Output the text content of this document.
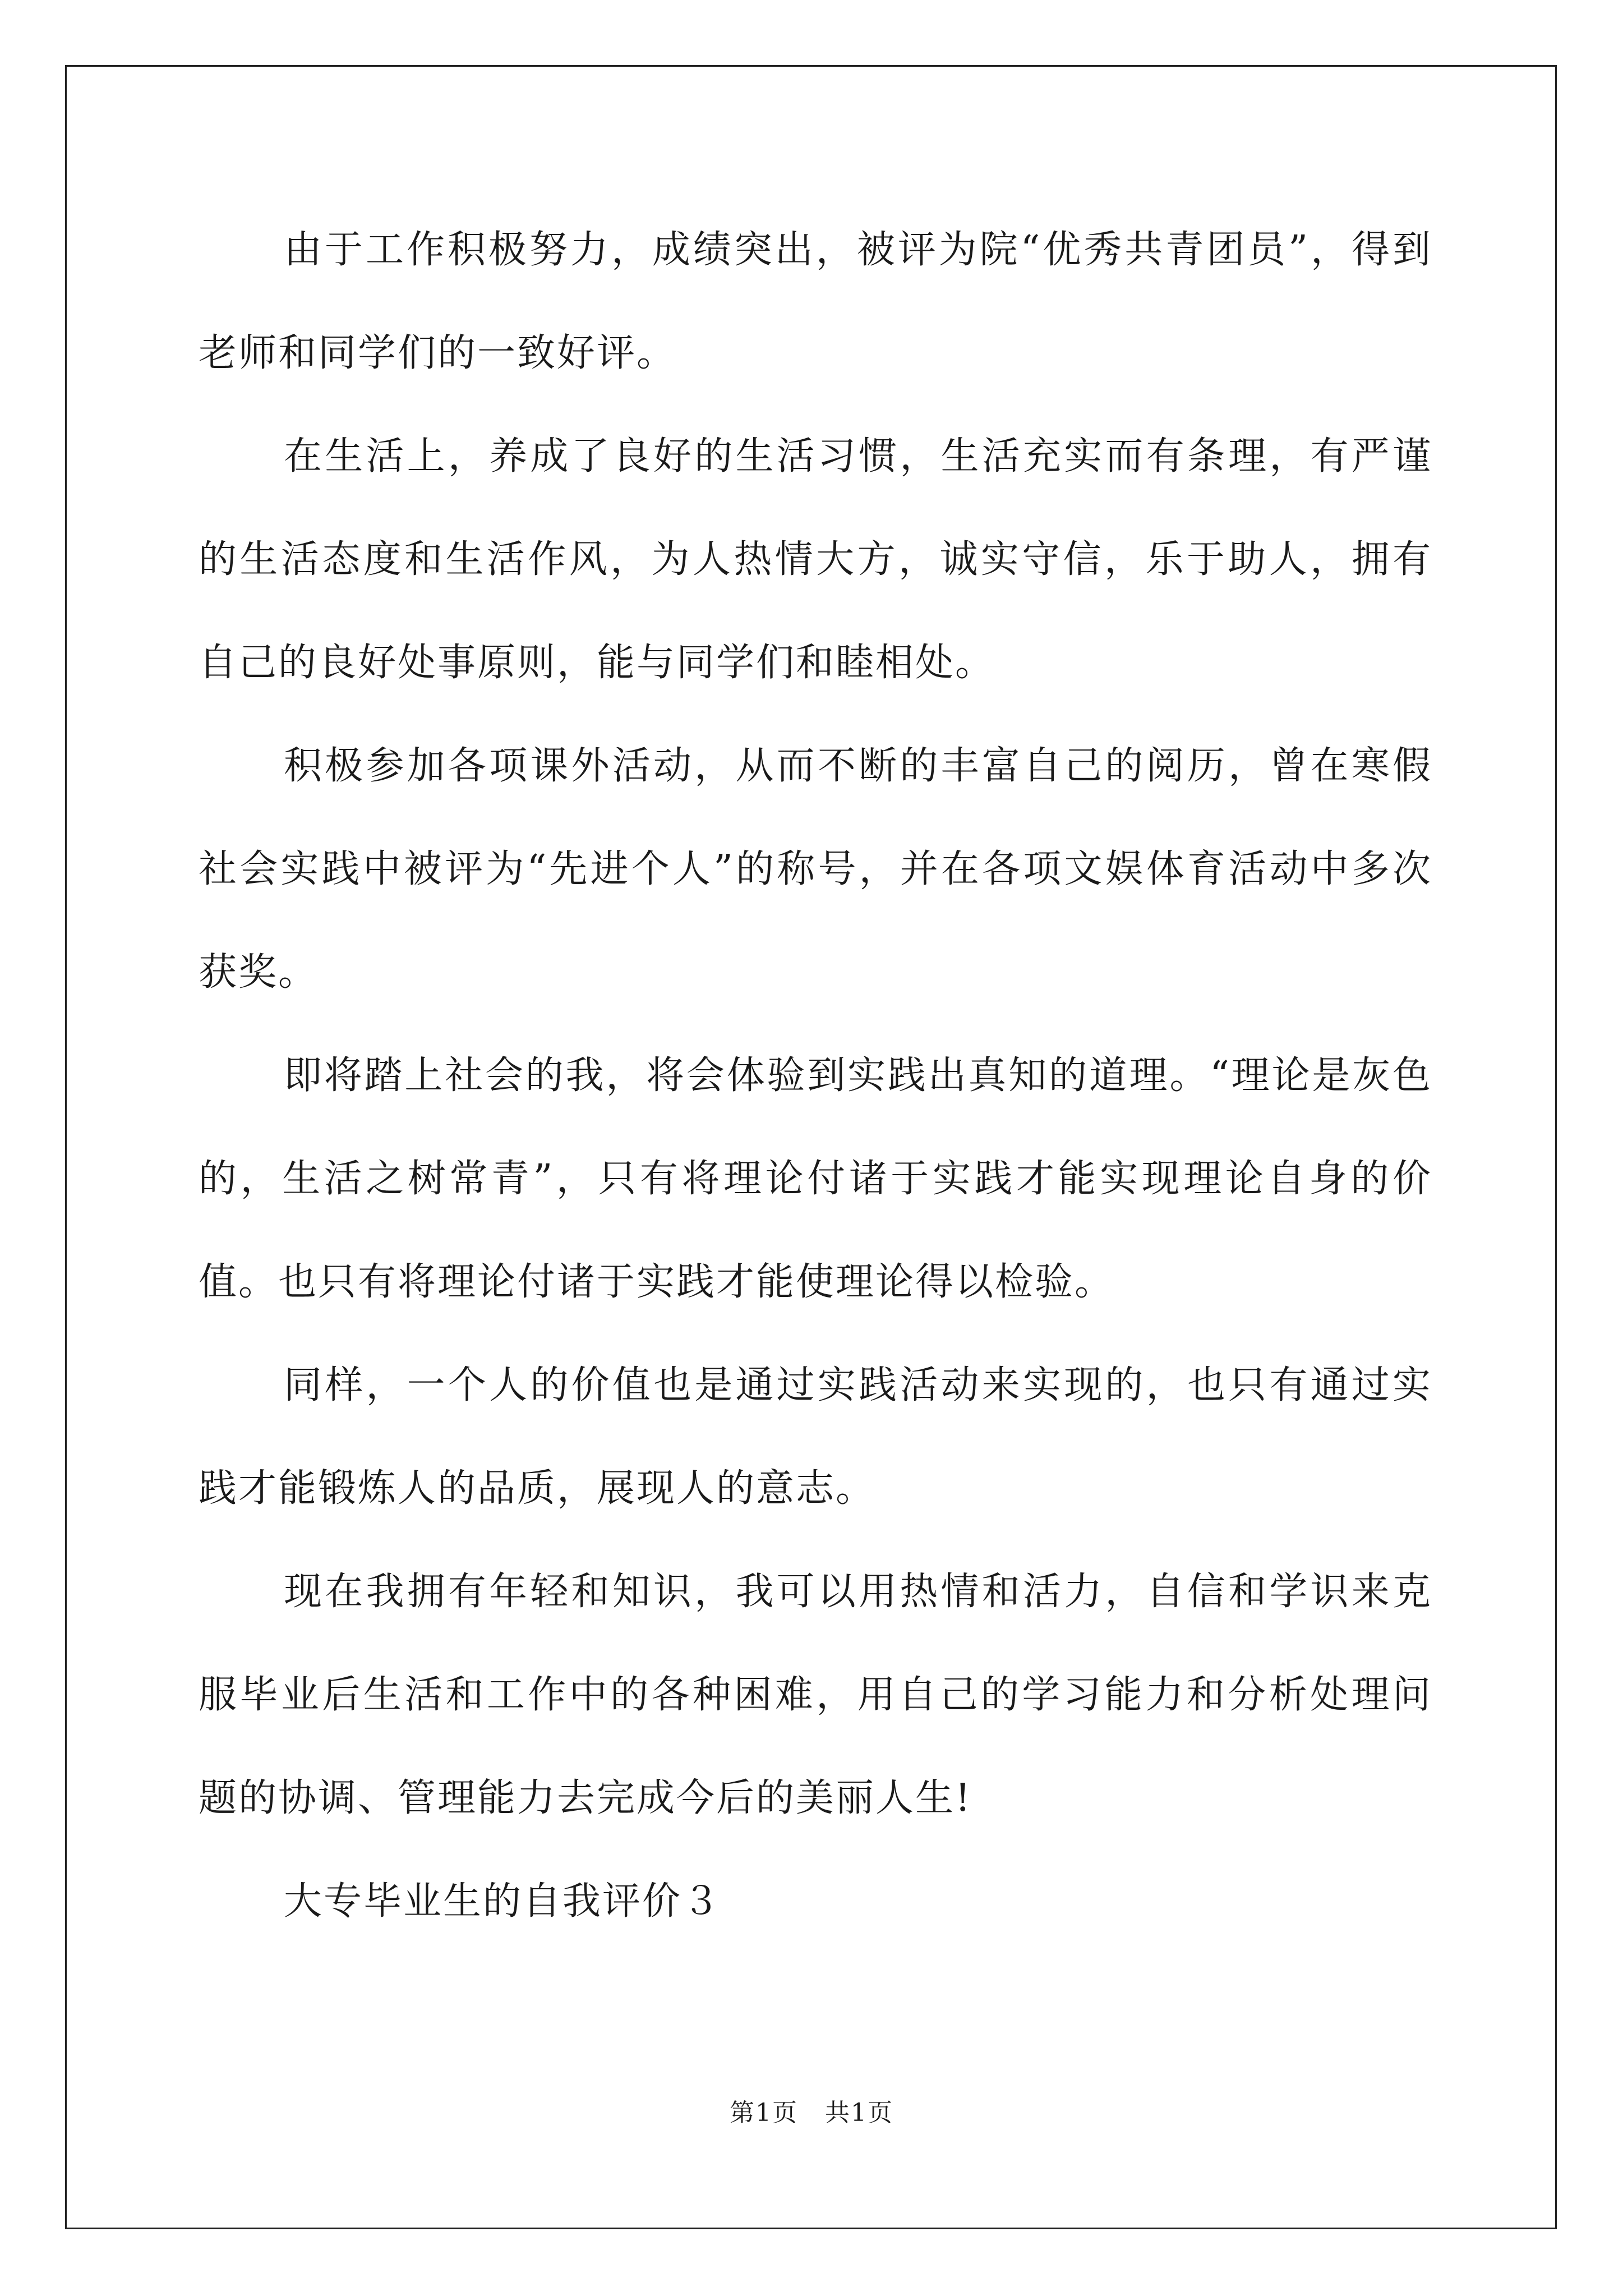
由于工作积极努力，成绩突出，被评为院“优秀共青团员”，得到老师和同学们的一致好评。

在生活上，养成了良好的生活习惯，生活充实而有条理，有严谨的生活态度和生活作风，为人热情大方，诚实守信，乐于助人，拥有自己的良好处事原则，能与同学们和睦相处。

积极参加各项课外活动，从而不断的丰富自己的阅历，曾在寒假社会实践中被评为“先进个人”的称号，并在各项文娱体育活动中多次获奖。

即将踏上社会的我，将会体验到实践出真知的道理。“理论是灰色的，生活之树常青”，只有将理论付诸于实践才能实现理论自身的价值。也只有将理论付诸于实践才能使理论得以检验。

同样，一个人的价值也是通过实践活动来实现的，也只有通过实践才能锻炼人的品质，展现人的意志。

现在我拥有年轻和知识，我可以用热情和活力，自信和学识来克服毕业后生活和工作中的各种困难，用自己的学习能力和分析处理问题的协调、管理能力去完成今后的美丽人生!

大专毕业生的自我评价３

第1页   共1页
